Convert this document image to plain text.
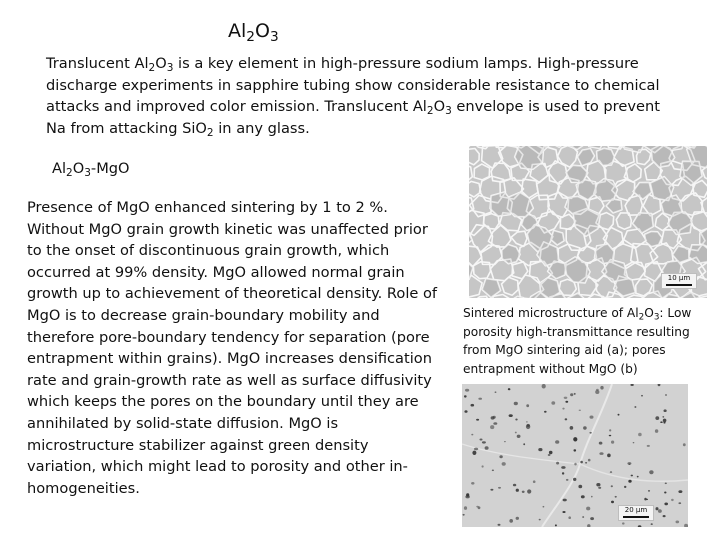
$Al_2O_3$
Translucent $Al_2O_3$ is a key element in high-pressure sodium lamps. High-pressure discharge experiments in sapphire tubing show considerable resistance to chemical attacks and improved color emission. Translucent $Al_2O_3$ envelope is used to prevent Na from attacking SiO$_2$ in any glass.
$Al_2O_3$-MgO
Presence of MgO enhanced sintering by 1 to 2 %. Without MgO grain growth kinetic was unaffected prior to the onset of discontinuous grain growth, which occurred at 99% density. MgO allowed normal grain growth up to achievement of theoretical density. Role of MgO is to decrease grain-boundary mobility and therefore pore-boundary tendency for separation (pore entrapment within grains). MgO increases densification rate and grain-growth rate as well as surface diffusivity which keeps the pores on the boundary until they are annihilated by solid-state diffusion. MgO is microstructure stabilizer against green density variation, which might lead to porosity and other in-homogeneities.
Sintered microstructure of $Al_2O_3$: Low porosity high-transmittance resulting from MgO sintering aid (a); pores entrapment without MgO (b)
10 μm
20 μm
